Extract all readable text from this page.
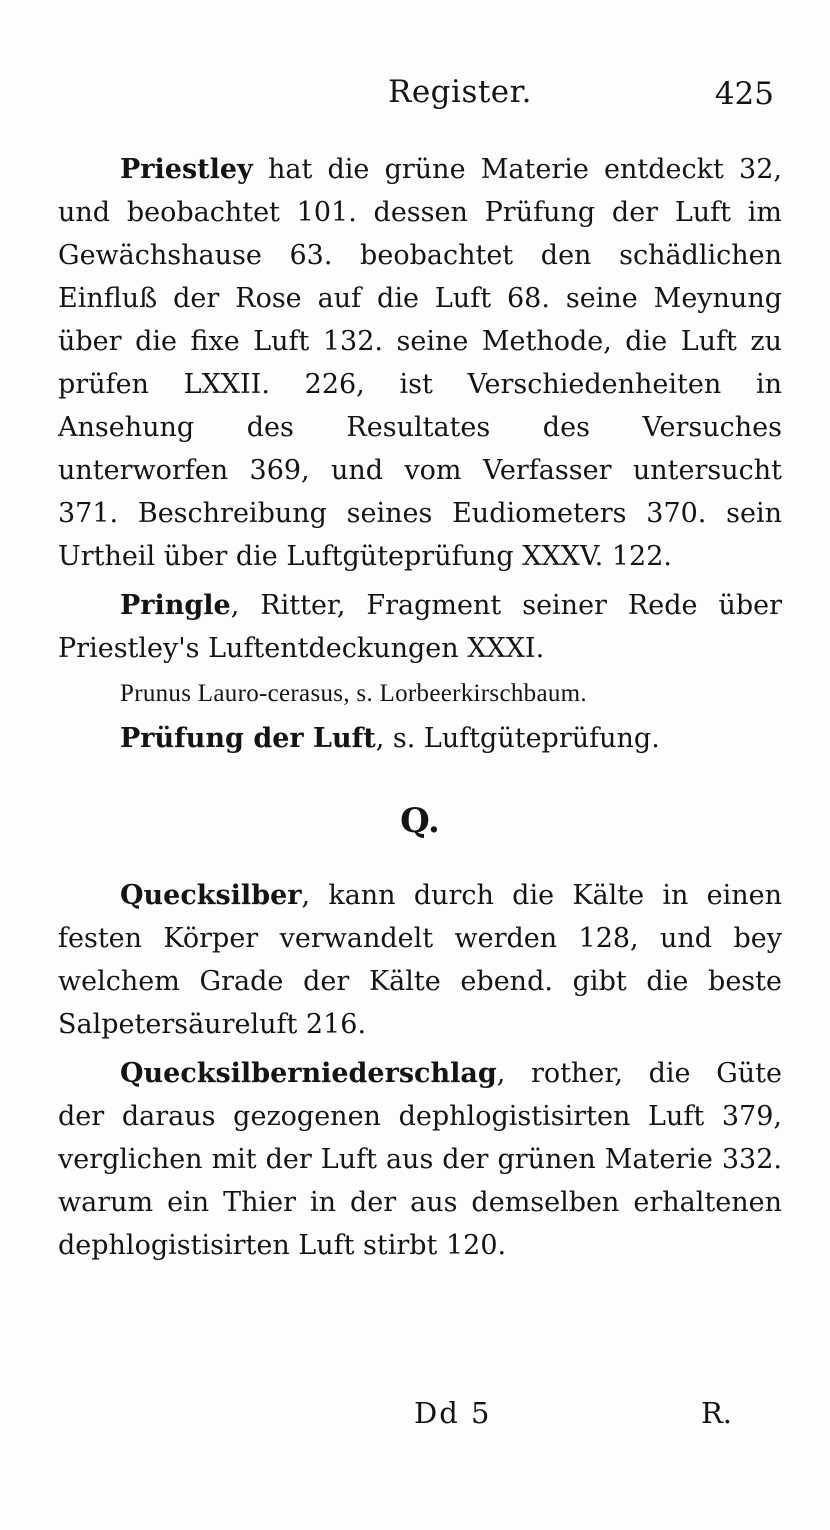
Register.	425

Priestley hat die grüne Materie entdeckt 32, und beobachtet 101. dessen Prüfung der Luft im Gewächshause 63. beobachtet den schädlichen Einfluß der Rose auf die Luft 68. seine Meynung über die fixe Luft 132. seine Methode, die Luft zu prüfen LXXII. 226, ist Verschiedenheiten in Ansehung des Resultates des Versuches unterworfen 369, und vom Verfasser untersucht 371. Beschreibung seines Eudiometers 370. sein Urtheil über die Luftgüteprüfung XXXV. 122.

Pringle, Ritter, Fragment seiner Rede über Priestley's Luftentdeckungen XXXI.

Prunus Lauro-cerasus, s. Lorbeerkirschbaum.

Prüfung der Luft, s. Luftgüteprüfung.

Q.

Quecksilber, kann durch die Kälte in einen festen Körper verwandelt werden 128, und bey welchem Grade der Kälte ebend. gibt die beste Salpetersäureluft 216.

Quecksilberniederschlag, rother, die Güte der daraus gezogenen dephlogistisirten Luft 379, verglichen mit der Luft aus der grünen Materie 332. warum ein Thier in der aus demselben erhaltenen dephlogistisirten Luft stirbt 120.

Dd 5	R.
